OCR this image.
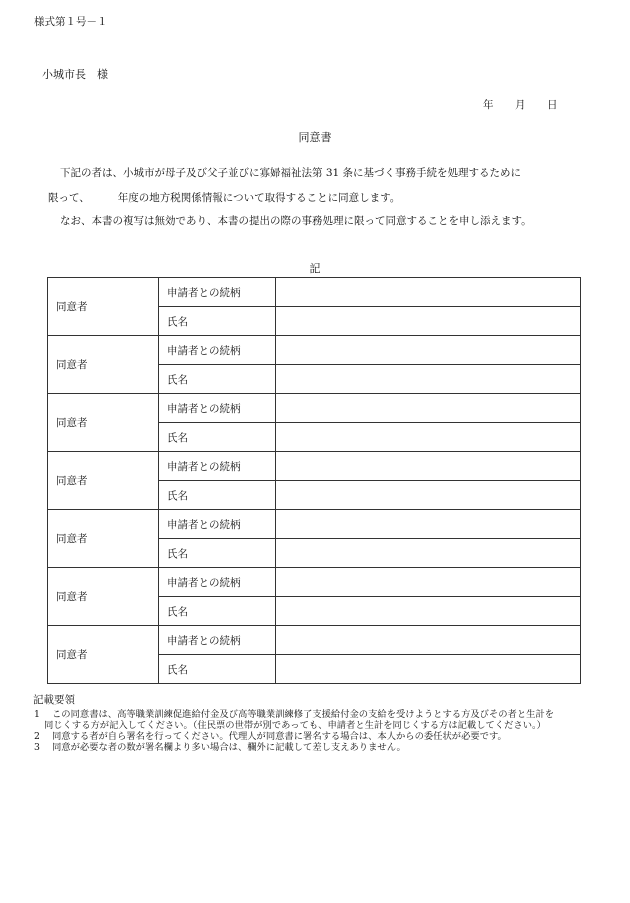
様式第１号－１
小城市長　様
年 月 日
同意書
下記の者は、小城市が母子及び父子並びに寡婦福祉法第 31 条に基づく事務手続を処理するために
限って、	年度の地方税関係情報について取得することに同意します。
なお、本書の複写は無効であり、本書の提出の際の事務処理に限って同意することを申し添えます。
記
同意者	申請者との続柄	
	氏名	
同意者	申請者との続柄	
	氏名	
同意者	申請者との続柄	
	氏名	
同意者	申請者との続柄	
	氏名	
同意者	申請者との続柄	
	氏名	
同意者	申請者との続柄	
	氏名	
同意者	申請者との続柄	
	氏名	
記載要領
1 この同意書は、高等職業訓練促進給付金及び高等職業訓練修了支援給付金の支給を受けようとする方及びその者と生計を
同じくする方が記入してください。（住民票の世帯が別であっても、申請者と生計を同じくする方は記載してください。）
2 同意する者が自ら署名を行ってください。代理人が同意書に署名する場合は、本人からの委任状が必要です。
3 同意が必要な者の数が署名欄より多い場合は、欄外に記載して差し支えありません。
